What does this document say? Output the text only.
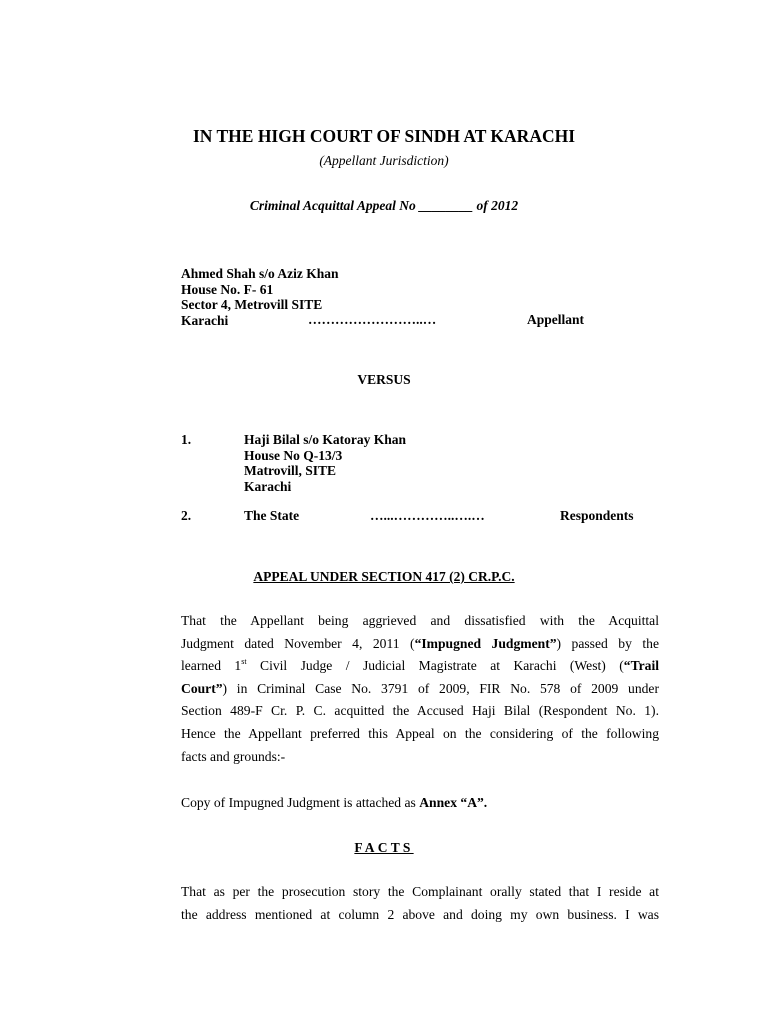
IN THE HIGH COURT OF SINDH AT KARACHI
(Appellant Jurisdiction)
Criminal Acquittal Appeal No ________ of 2012
Ahmed Shah s/o Aziz Khan
House No. F- 61
Sector 4, Metrovill SITE
Karachi	……………………..…	Appellant
VERSUS
1.	Haji Bilal s/o Katoray Khan
House No Q-13/3
Matrovill, SITE
Karachi
2.	The State	…...…………..….…	Respondents
APPEAL UNDER SECTION 417 (2) CR.P.C.
That the Appellant being aggrieved and dissatisfied with the Acquittal
Judgment dated November 4, 2011 (“Impugned Judgment”) passed by the
learned 1st Civil Judge / Judicial Magistrate at Karachi (West) (“Trail
Court”) in Criminal Case No. 3791 of 2009, FIR No. 578 of 2009 under
Section 489-F Cr. P. C. acquitted the Accused Haji Bilal (Respondent No. 1).
Hence the Appellant preferred this Appeal on the considering of the following
facts and grounds:-
Copy of Impugned Judgment is attached as Annex “A”.
FACTS
That as per the prosecution story the Complainant orally stated that I reside at
the address mentioned at column 2 above and doing my own business. I was
